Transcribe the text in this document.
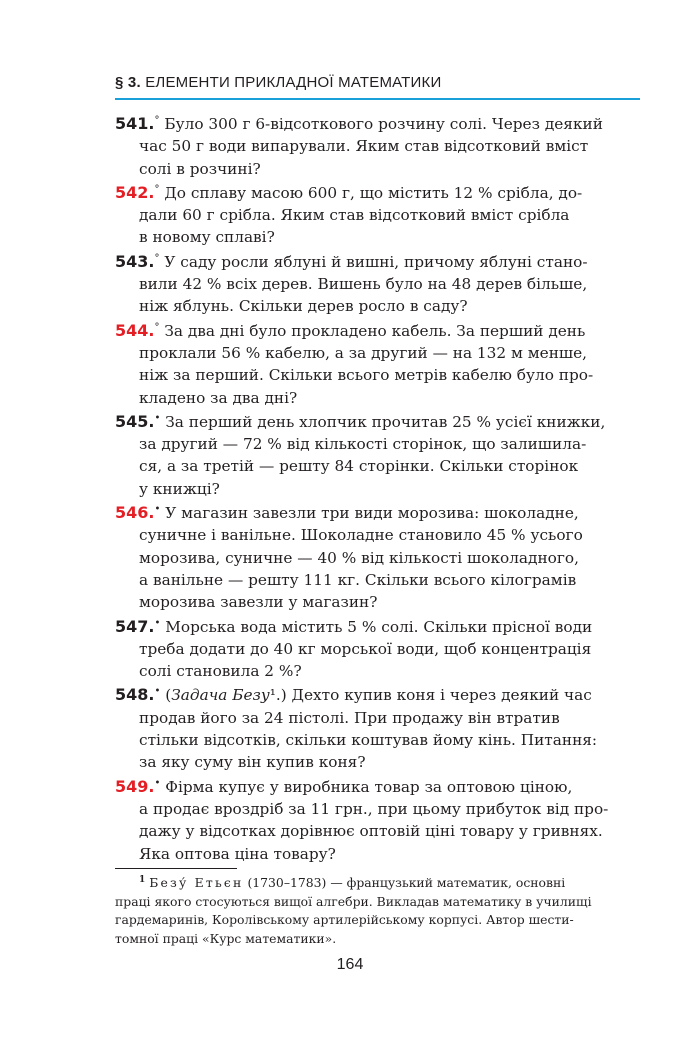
§ 3. ЕЛЕМЕНТИ ПРИКЛАДНОЇ МАТЕМАТИКИ
541.° Було 300 г 6-відсоткового розчину солі. Через деякий
час 50 г води випарували. Яким став відсотковий вміст
солі в розчині?
542.° До сплаву масою 600 г, що містить 12 % срібла, до-
дали 60 г срібла. Яким став відсотковий вміст срібла
в новому сплаві?
543.° У саду росли яблуні й вишні, причому яблуні стано-
вили 42 % всіх дерев. Вишень було на 48 дерев більше,
ніж яблунь. Скільки дерев росло в саду?
544.° За два дні було прокладено кабель. За перший день
проклали 56 % кабелю, а за другий — на 132 м менше,
ніж за перший. Скільки всього метрів кабелю було про-
кладено за два дні?
545.• За перший день хлопчик прочитав 25 % усієї книжки,
за другий — 72 % від кількості сторінок, що залишила-
ся, а за третій — решту 84 сторінки. Скільки сторінок
у книжці?
546.• У магазин завезли три види морозива: шоколадне,
суничне і ванільне. Шоколадне становило 45 % усього
морозива, суничне — 40 % від кількості шоколадного,
а ванільне — решту 111 кг. Скільки всього кілограмів
морозива завезли у магазин?
547.• Морська вода містить 5 % солі. Скільки прісної води
треба додати до 40 кг морської води, щоб концентрація
солі становила 2 %?
548.• (Задача Безу¹.) Дехто купив коня і через деякий час
продав його за 24 пістолі. При продажу він втратив
стільки відсотків, скільки коштував йому кінь. Питання:
за яку суму він купив коня?
549.• Фірма купує у виробника товар за оптовою ціною,
а продає вроздріб за 11 грн., при цьому прибуток від про-
дажу у відсотках дорівнює оптовій ціні товару у гривнях.
Яка оптова ціна товару?
$^1$ Безу́ Етьєн (1730–1783) — французький математик, основні
праці якого стосуються вищої алгебри. Викладав математику в училищі
гардемаринів, Королівському артилерійському корпусі. Автор шести-
томної праці «Курс математики».
164
